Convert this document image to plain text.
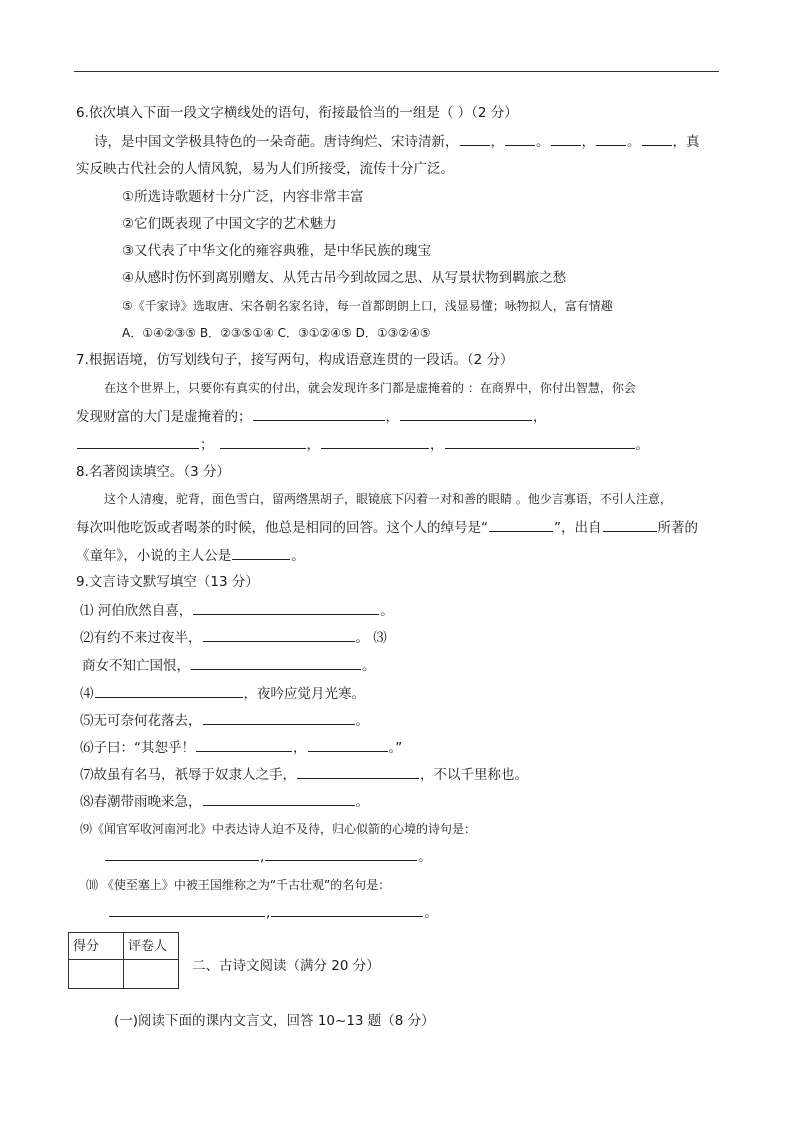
6.依次填入下面一段文字横线处的语句，衔接最恰当的一组是（ ）（2 分）
诗，是中国文学极具特色的一朵奇葩。唐诗绚烂、宋诗清新， ， 。 ， 。 ，真
实反映古代社会的人情风貌，易为人们所接受，流传十分广泛。
①所选诗歌题材十分广泛，内容非常丰富
②它们既表现了中国文字的艺术魅力
③又代表了中华文化的雍容典雅，是中华民族的瑰宝
④从感时伤怀到离别赠友、从凭古吊今到故园之思、从写景状物到羁旅之愁
⑤《千家诗》选取唐、宋各朝名家名诗，每一首都朗朗上口，浅显易懂；咏物拟人，富有情趣
A．①④②③⑤ B．②③⑤①④ C．③①②④⑤ D．①③②④⑤
7.根据语境，仿写划线句子，接写两句，构成语意连贯的一段话。（2 分）
在这个世界上，只要你有真实的付出，就会发现许多门都是虚掩着的 ：在商界中，你付出智慧，你会
发现财富的大门是虚掩着的；	，	，
；	，	，	。
8.名著阅读填空。（3 分）
这个人清瘦，驼背，面色雪白，留两绺黑胡子，眼镜底下闪着一对和善的眼睛 。他少言寡语，不引人注意，
每次叫他吃饭或者喝茶的时候，他总是相同的回答。这个人的绰号是“	”，出自	所著的
《童年》，小说的主人公是	。
9.文言诗文默写填空（13 分）
⑴ 河伯欣然自喜，	。
⑵有约不来过夜半，	。 ⑶
商女不知亡国恨，	。
⑷	，夜吟应觉月光寒。
⑸无可奈何花落去，	。
⑹子曰：“其恕乎！	，	。”
⑺故虽有名马，祇辱于奴隶人之手，	，不以千里称也。
⑻春潮带雨晚来急，	。
⑼《闻官军收河南河北》中表达诗人迫不及待，归心似箭的心境的诗句是：
,	。
⑽ 《使至塞上》中被王国维称之为“千古壮观”的名句是：
,	。
得分	评卷人

二、古诗文阅读（满分 20 分）
(一)阅读下面的课内文言文，回答 10~13 题（8 分）
